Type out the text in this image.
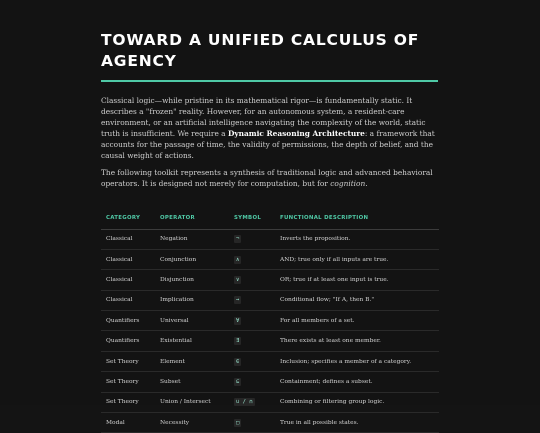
TOWARD A UNIFIED CALCULUS OF AGENCY

Classical logic—while pristine in its mathematical rigor—is fundamentally static. It describes a "frozen" reality. However, for an autonomous system, a resident-care environment, or an artificial intelligence navigating the complexity of the world, static truth is insufficient. We require a Dynamic Reasoning Architecture: a framework that accounts for the passage of time, the validity of permissions, the depth of belief, and the causal weight of actions.

The following toolkit represents a synthesis of traditional logic and advanced behavioral operators. It is designed not merely for computation, but for cognition.

CATEGORY	OPERATOR	SYMBOL	FUNCTIONAL DESCRIPTION
Classical	Negation	¬	Inverts the proposition.
Classical	Conjunction	∧	AND; true only if all inputs are true.
Classical	Disjunction	∨	OR; true if at least one input is true.
Classical	Implication	→	Conditional flow; "If A, then B."
Quantifiers	Universal	∀	For all members of a set.
Quantifiers	Existential	∃	There exists at least one member.
Set Theory	Element	∈	Inclusion; specifies a member of a category.
Set Theory	Subset	⊆	Containment; defines a subset.
Set Theory	Union / Intersect	∪ / ∩	Combining or filtering group logic.
Modal	Necessity	□	True in all possible states.
